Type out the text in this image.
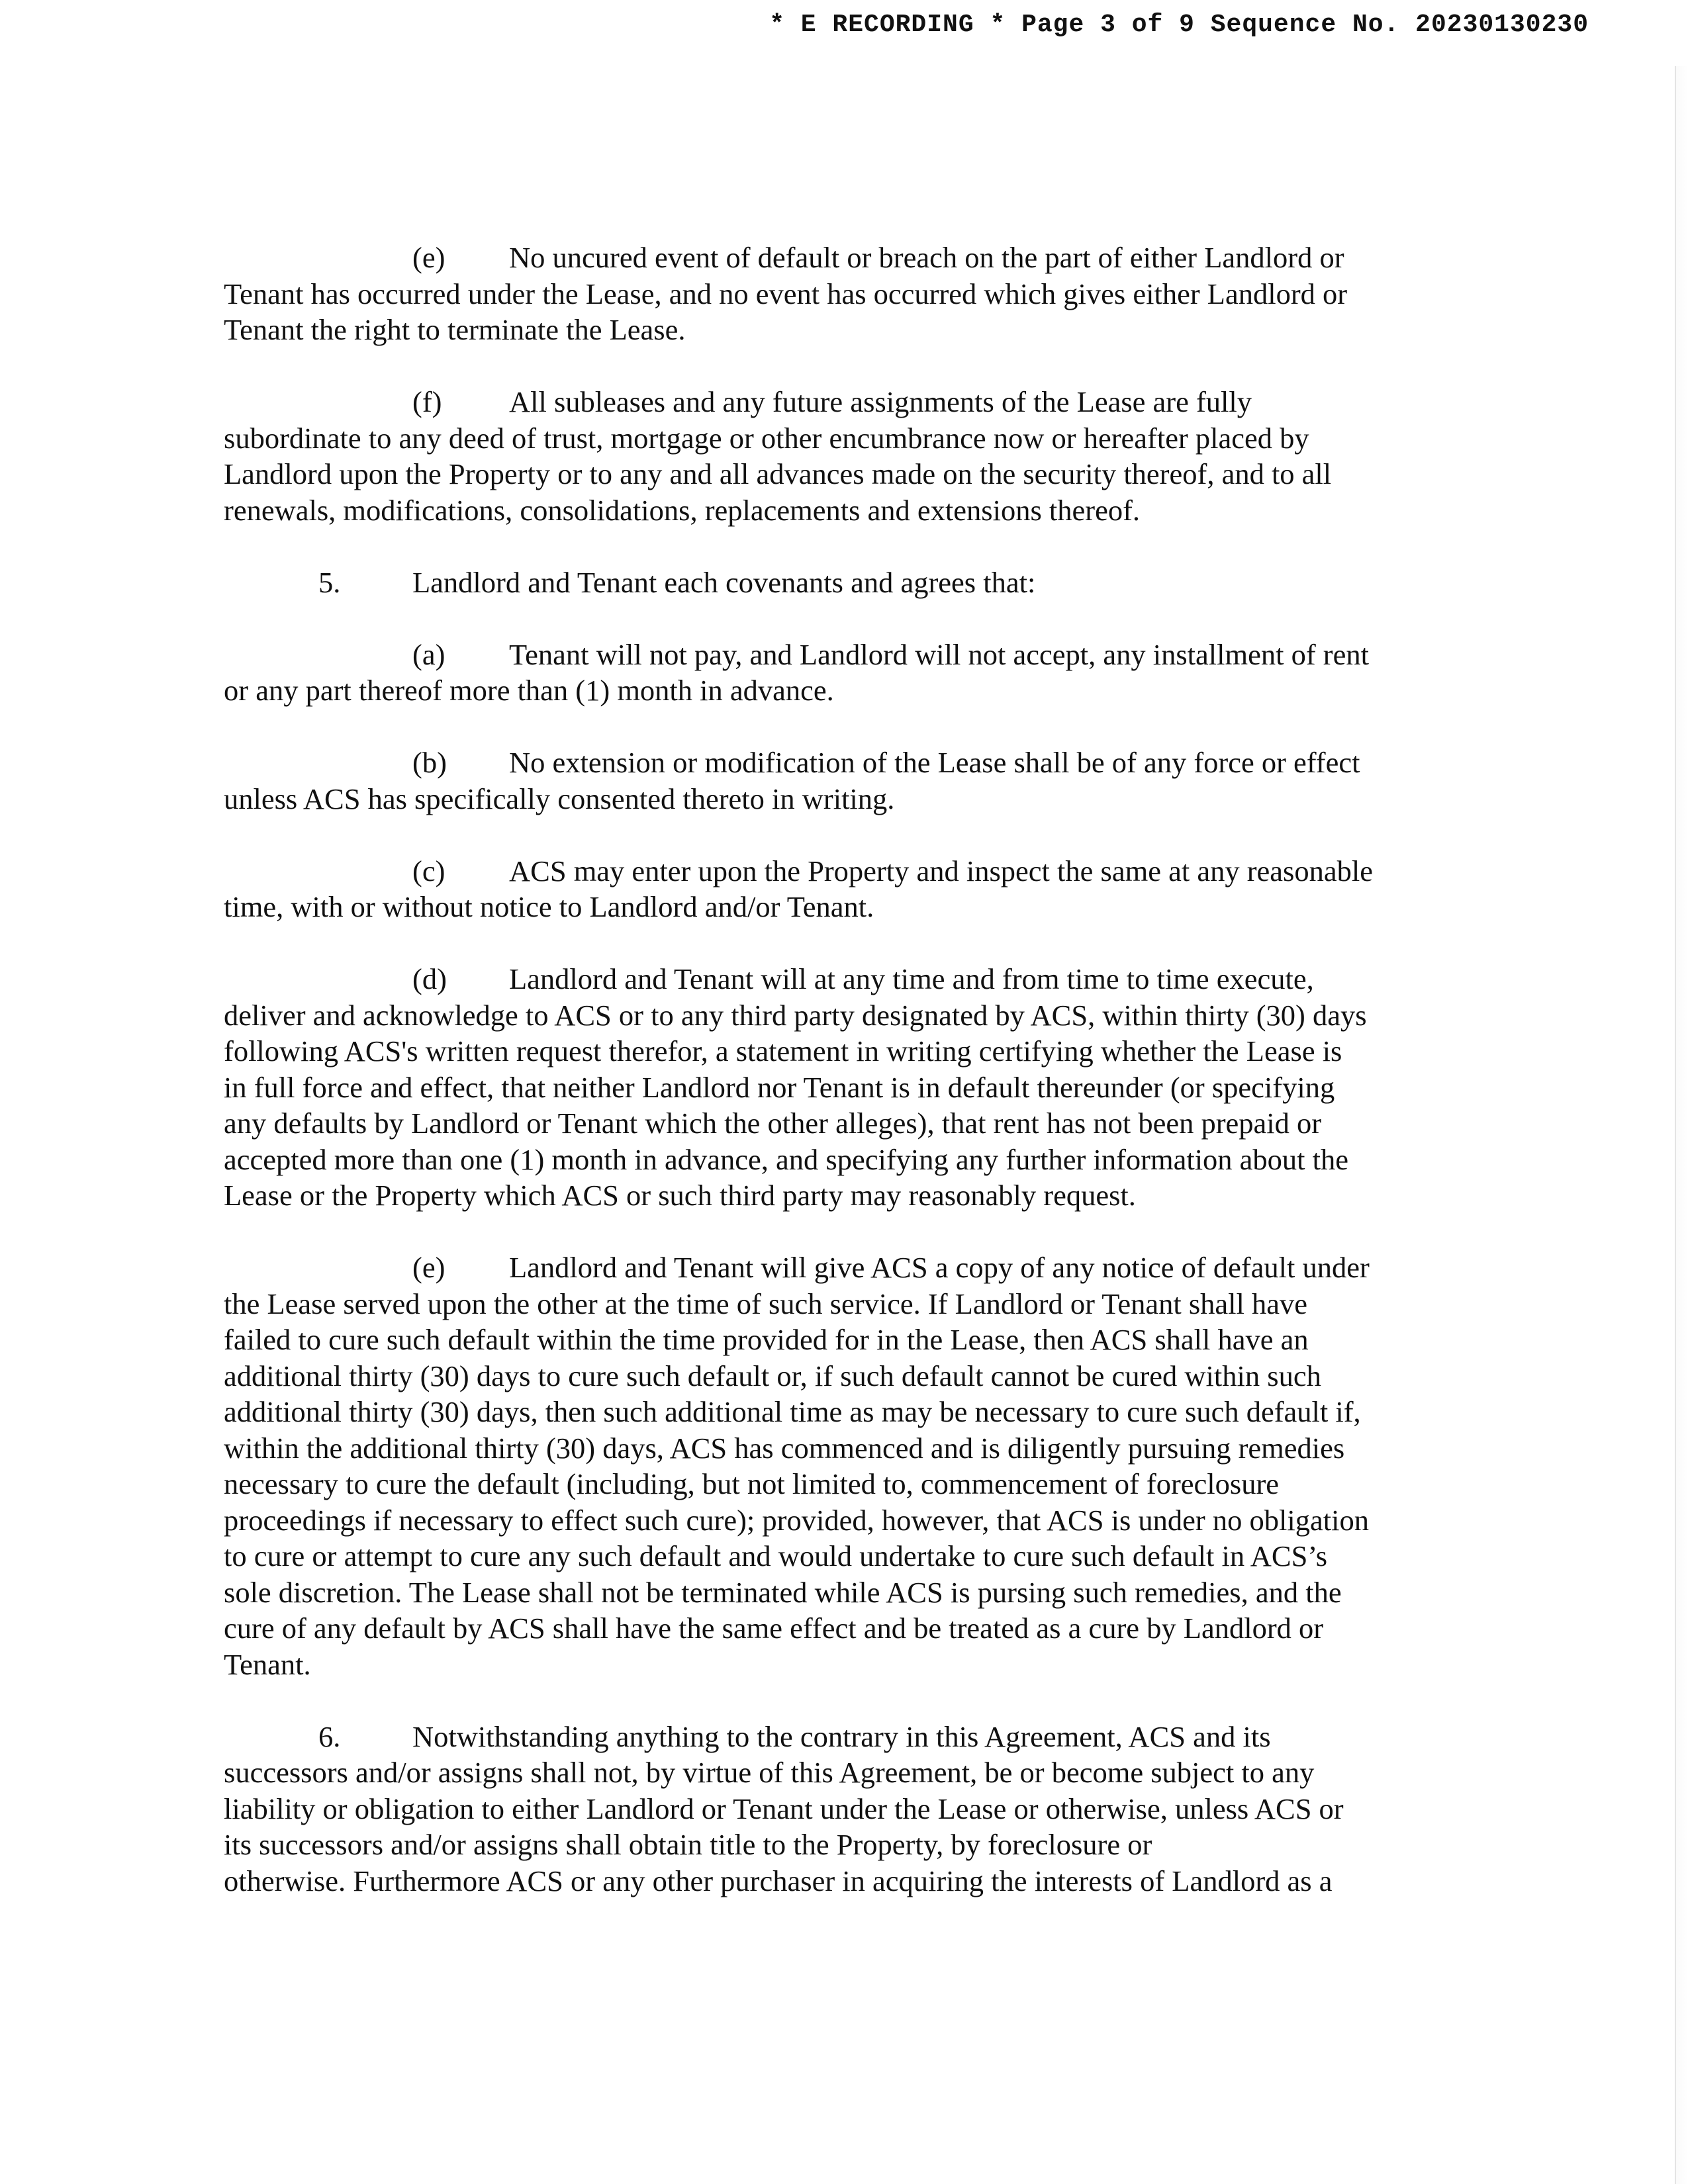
* E RECORDING * Page 3 of 9 Sequence No. 20230130230
(e) No uncured event of default or breach on the part of either Landlord or
Tenant has occurred under the Lease, and no event has occurred which gives either Landlord or
Tenant the right to terminate the Lease.
(f) All subleases and any future assignments of the Lease are fully
subordinate to any deed of trust, mortgage or other encumbrance now or hereafter placed by
Landlord upon the Property or to any and all advances made on the security thereof, and to all
renewals, modifications, consolidations, replacements and extensions thereof.
5. Landlord and Tenant each covenants and agrees that:
(a) Tenant will not pay, and Landlord will not accept, any installment of rent
or any part thereof more than (1) month in advance.
(b) No extension or modification of the Lease shall be of any force or effect
unless ACS has specifically consented thereto in writing.
(c) ACS may enter upon the Property and inspect the same at any reasonable
time, with or without notice to Landlord and/or Tenant.
(d) Landlord and Tenant will at any time and from time to time execute,
deliver and acknowledge to ACS or to any third party designated by ACS, within thirty (30) days
following ACS's written request therefor, a statement in writing certifying whether the Lease is
in full force and effect, that neither Landlord nor Tenant is in default thereunder (or specifying
any defaults by Landlord or Tenant which the other alleges), that rent has not been prepaid or
accepted more than one (1) month in advance, and specifying any further information about the
Lease or the Property which ACS or such third party may reasonably request.
(e) Landlord and Tenant will give ACS a copy of any notice of default under
the Lease served upon the other at the time of such service. If Landlord or Tenant shall have
failed to cure such default within the time provided for in the Lease, then ACS shall have an
additional thirty (30) days to cure such default or, if such default cannot be cured within such
additional thirty (30) days, then such additional time as may be necessary to cure such default if,
within the additional thirty (30) days, ACS has commenced and is diligently pursuing remedies
necessary to cure the default (including, but not limited to, commencement of foreclosure
proceedings if necessary to effect such cure); provided, however, that ACS is under no obligation
to cure or attempt to cure any such default and would undertake to cure such default in ACS’s
sole discretion. The Lease shall not be terminated while ACS is pursing such remedies, and the
cure of any default by ACS shall have the same effect and be treated as a cure by Landlord or
Tenant.
6. Notwithstanding anything to the contrary in this Agreement, ACS and its
successors and/or assigns shall not, by virtue of this Agreement, be or become subject to any
liability or obligation to either Landlord or Tenant under the Lease or otherwise, unless ACS or
its successors and/or assigns shall obtain title to the Property, by foreclosure or
otherwise. Furthermore ACS or any other purchaser in acquiring the interests of Landlord as a
